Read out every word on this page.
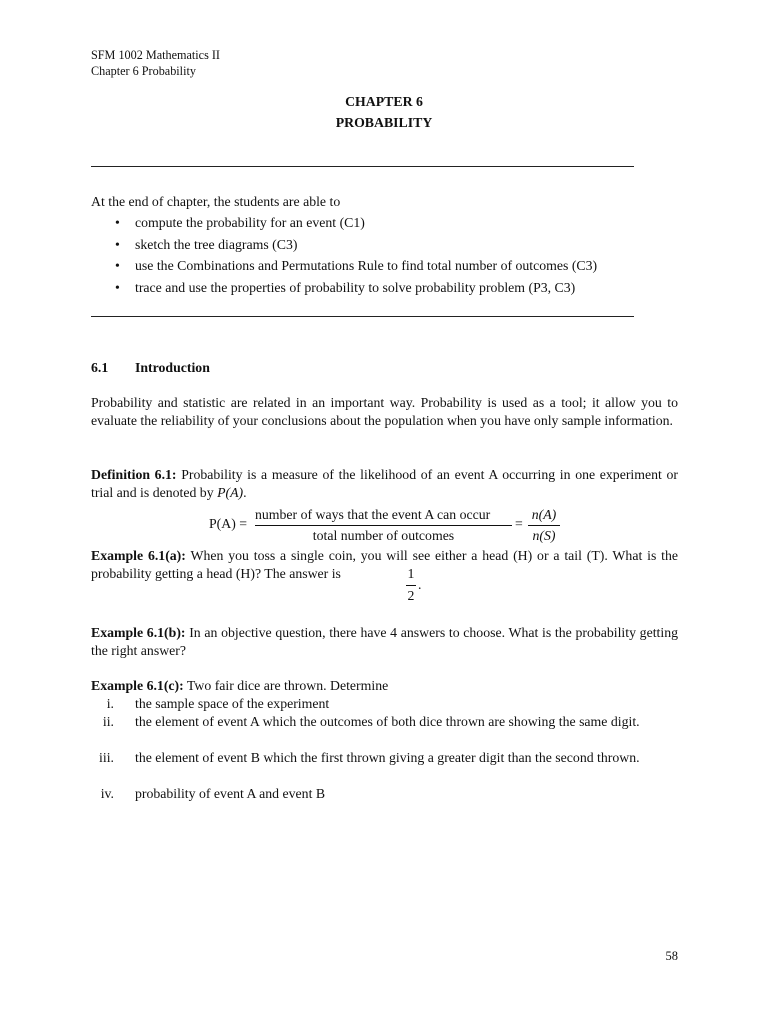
SFM 1002 Mathematics II
Chapter 6 Probability
CHAPTER 6
PROBABILITY
At the end of chapter, the students are able to
• compute the probability for an event (C1)
• sketch the tree diagrams (C3)
• use the Combinations and Permutations Rule to find total number of outcomes (C3)
• trace and use the properties of probability to solve probability problem (P3, C3)
6.1 Introduction
Probability and statistic are related in an important way. Probability is used as a tool; it allow you to evaluate the reliability of your conclusions about the population when you have only sample information.
Definition 6.1: Probability is a measure of the likelihood of an event A occurring in one experiment or trial and is denoted by P(A).
P(A) =
number of ways that the event A can occur
total number of outcomes
=
n(A)
n(S)
Example 6.1(a): When you toss a single coin, you will see either a head (H) or a tail (T). What is the probability getting a head (H)? The answer is	1
2
.
Example 6.1(b): In an objective question, there have 4 answers to choose. What is the probability getting the right answer?
Example 6.1(c): Two fair dice are thrown. Determine
i. the sample space of the experiment
ii. the element of event A which the outcomes of both dice thrown are showing the same digit.
iii. the element of event B which the first thrown giving a greater digit than the second thrown.
iv. probability of event A and event B
58
